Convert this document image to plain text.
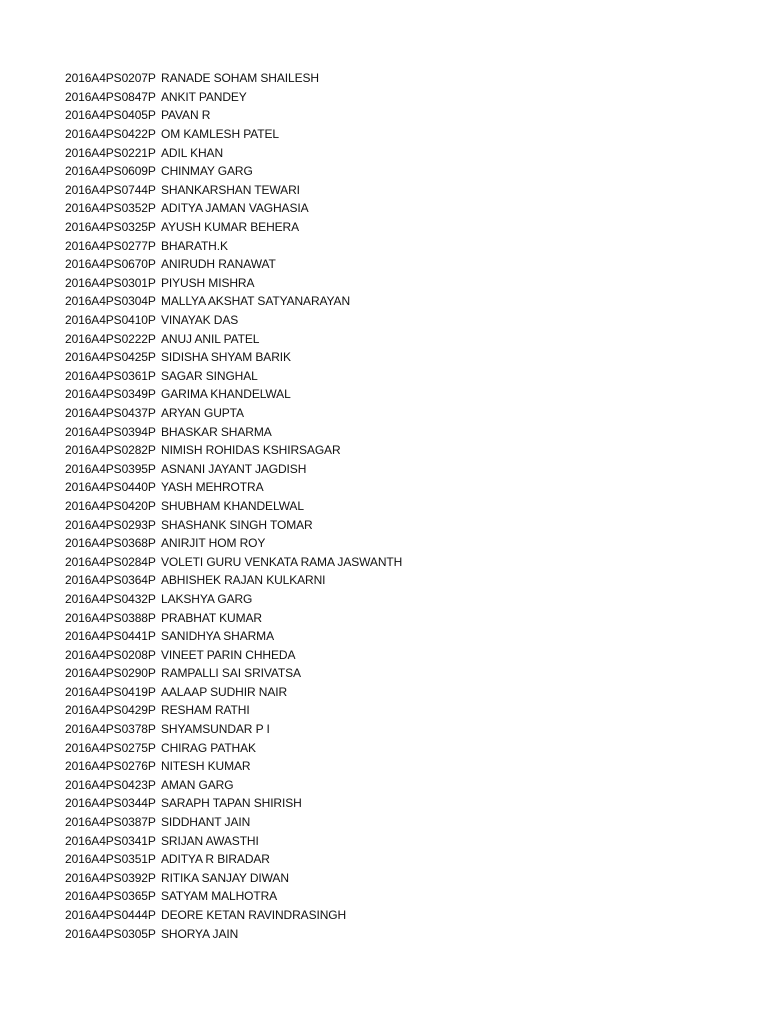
2016A4PS0207P RANADE SOHAM SHAILESH
2016A4PS0847P ANKIT PANDEY
2016A4PS0405P PAVAN R
2016A4PS0422P OM KAMLESH PATEL
2016A4PS0221P ADIL KHAN
2016A4PS0609P CHINMAY GARG
2016A4PS0744P SHANKARSHAN TEWARI
2016A4PS0352P ADITYA JAMAN VAGHASIA
2016A4PS0325P AYUSH KUMAR BEHERA
2016A4PS0277P BHARATH.K
2016A4PS0670P ANIRUDH RANAWAT
2016A4PS0301P PIYUSH MISHRA
2016A4PS0304P MALLYA AKSHAT SATYANARAYAN
2016A4PS0410P VINAYAK DAS
2016A4PS0222P ANUJ ANIL PATEL
2016A4PS0425P SIDISHA SHYAM BARIK
2016A4PS0361P SAGAR SINGHAL
2016A4PS0349P GARIMA KHANDELWAL
2016A4PS0437P ARYAN GUPTA
2016A4PS0394P BHASKAR SHARMA
2016A4PS0282P NIMISH ROHIDAS KSHIRSAGAR
2016A4PS0395P ASNANI JAYANT JAGDISH
2016A4PS0440P YASH MEHROTRA
2016A4PS0420P SHUBHAM KHANDELWAL
2016A4PS0293P SHASHANK SINGH TOMAR
2016A4PS0368P ANIRJIT HOM ROY
2016A4PS0284P VOLETI GURU VENKATA RAMA JASWANTH
2016A4PS0364P ABHISHEK RAJAN KULKARNI
2016A4PS0432P LAKSHYA GARG
2016A4PS0388P PRABHAT KUMAR
2016A4PS0441P SANIDHYA SHARMA
2016A4PS0208P VINEET PARIN CHHEDA
2016A4PS0290P RAMPALLI SAI SRIVATSA
2016A4PS0419P AALAAP SUDHIR NAIR
2016A4PS0429P RESHAM RATHI
2016A4PS0378P SHYAMSUNDAR P I
2016A4PS0275P CHIRAG PATHAK
2016A4PS0276P NITESH KUMAR
2016A4PS0423P AMAN GARG
2016A4PS0344P SARAPH TAPAN SHIRISH
2016A4PS0387P SIDDHANT JAIN
2016A4PS0341P SRIJAN AWASTHI
2016A4PS0351P ADITYA R BIRADAR
2016A4PS0392P RITIKA SANJAY DIWAN
2016A4PS0365P SATYAM MALHOTRA
2016A4PS0444P DEORE KETAN RAVINDRASINGH
2016A4PS0305P SHORYA JAIN
